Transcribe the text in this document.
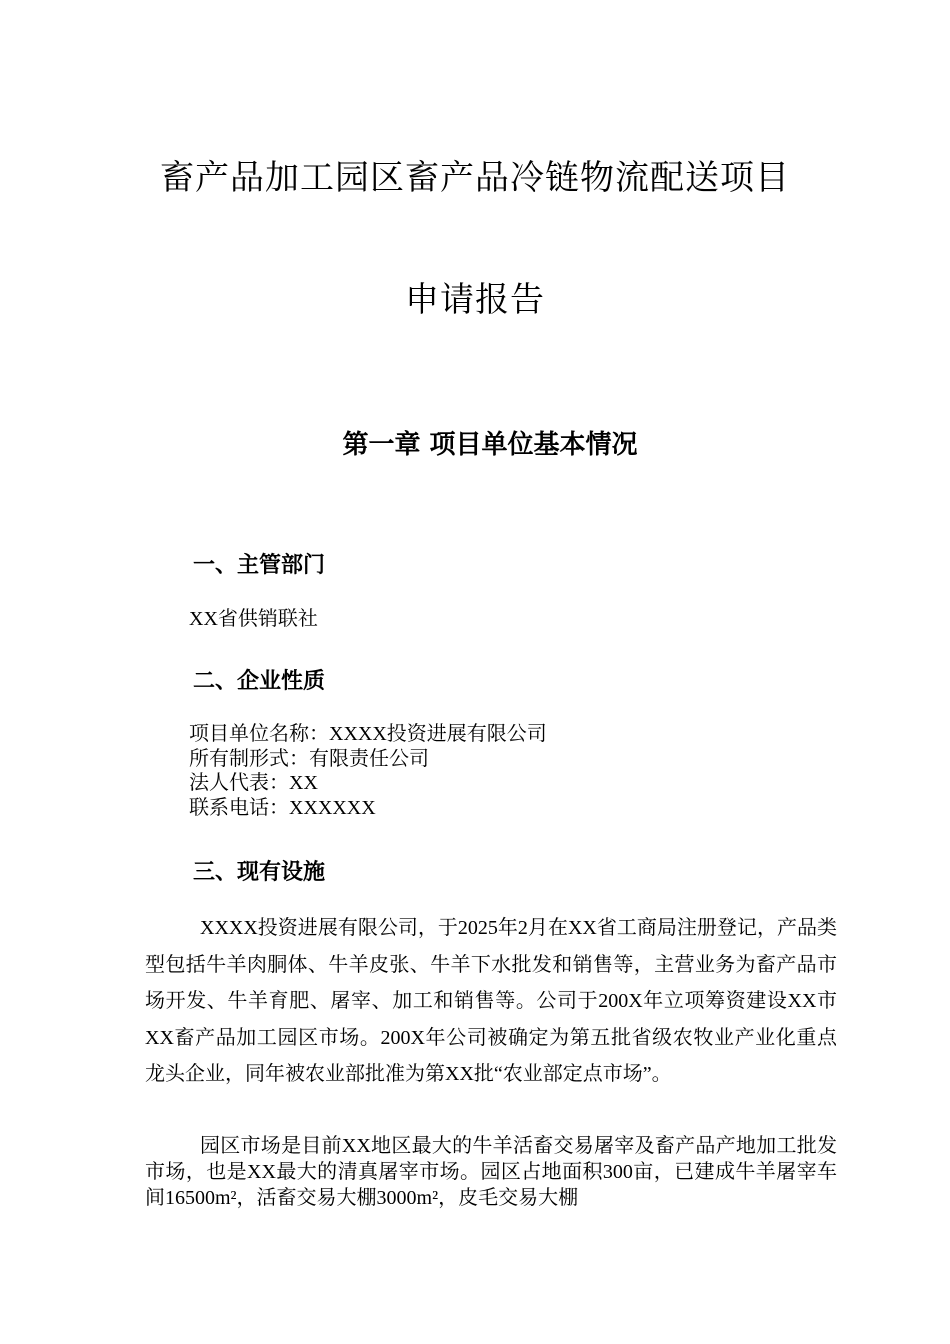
畜产品加工园区畜产品冷链物流配送项目
申请报告
第一章 项目单位基本情况
一、主管部门
XX省供销联社
二、企业性质
项目单位名称：XXXX投资进展有限公司
所有制形式：有限责任公司
法人代表：XX
联系电话：XXXXXX
三、现有设施

XXXX投资进展有限公司，于2025年2月在XX省工商局注册登记，产品类型包括牛羊肉胴体、牛羊皮张、牛羊下水批发和销售等，主营业务为畜产品市场开发、牛羊育肥、屠宰、加工和销售等。公司于200X年立项筹资建设XX市XX畜产品加工园区市场。200X年公司被确定为第五批省级农牧业产业化重点龙头企业，同年被农业部批准为第XX批“农业部定点市场”。

园区市场是目前XX地区最大的牛羊活畜交易屠宰及畜产品产地加工批发市场，也是XX最大的清真屠宰市场。园区占地面积300亩，已建成牛羊屠宰车间16500m²，活畜交易大棚3000m²，皮毛交易大棚
